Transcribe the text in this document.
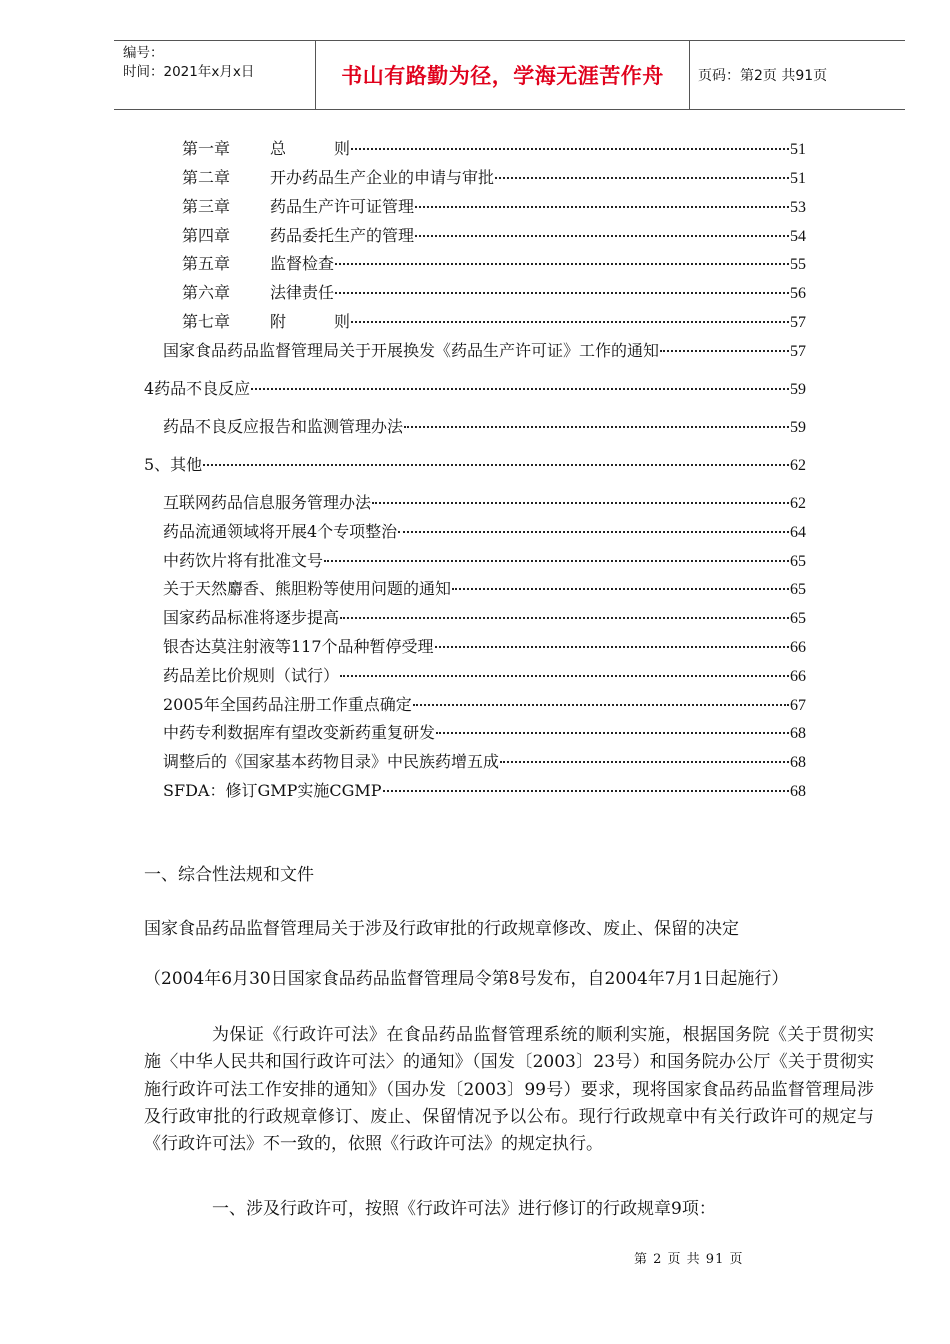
编号：
时间：2021年x月x日	书山有路勤为径，学海无涯苦作舟	页码：第2页 共91页
第一章 总　　　则	51
第二章 开办药品生产企业的申请与审批	51
第三章 药品生产许可证管理	53
第四章 药品委托生产的管理	54
第五章 监督检查	55
第六章 法律责任	56
第七章 附　　　则	57
国家食品药品监督管理局关于开展换发《药品生产许可证》工作的通知	57
4药品不良反应	59
药品不良反应报告和监测管理办法	59
5、其他	62
互联网药品信息服务管理办法	62
药品流通领域将开展4个专项整治	64
中药饮片将有批准文号	65
关于天然麝香、熊胆粉等使用问题的通知	65
国家药品标准将逐步提高	65
银杏达莫注射液等117个品种暂停受理	66
药品差比价规则（试行）	66
2005年全国药品注册工作重点确定	67
中药专利数据库有望改变新药重复研发	68
调整后的《国家基本药物目录》中民族药增五成	68
SFDA：修订GMP实施CGMP	68
一、综合性法规和文件
国家食品药品监督管理局关于涉及行政审批的行政规章修改、废止、保留的决定
（2004年6月30日国家食品药品监督管理局令第8号发布，自2004年7月1日起施行）
为保证《行政许可法》在食品药品监督管理系统的顺利实施，根据国务院《关于贯彻实施〈中华人民共和国行政许可法〉的通知》（国发〔2003〕23号）和国务院办公厅《关于贯彻实施行政许可法工作安排的通知》（国办发〔2003〕99号）要求，现将国家食品药品监督管理局涉及行政审批的行政规章修订、废止、保留情况予以公布。现行行政规章中有关行政许可的规定与《行政许可法》不一致的，依照《行政许可法》的规定执行。
一、涉及行政许可，按照《行政许可法》进行修订的行政规章9项：
第 2 页 共 91 页
